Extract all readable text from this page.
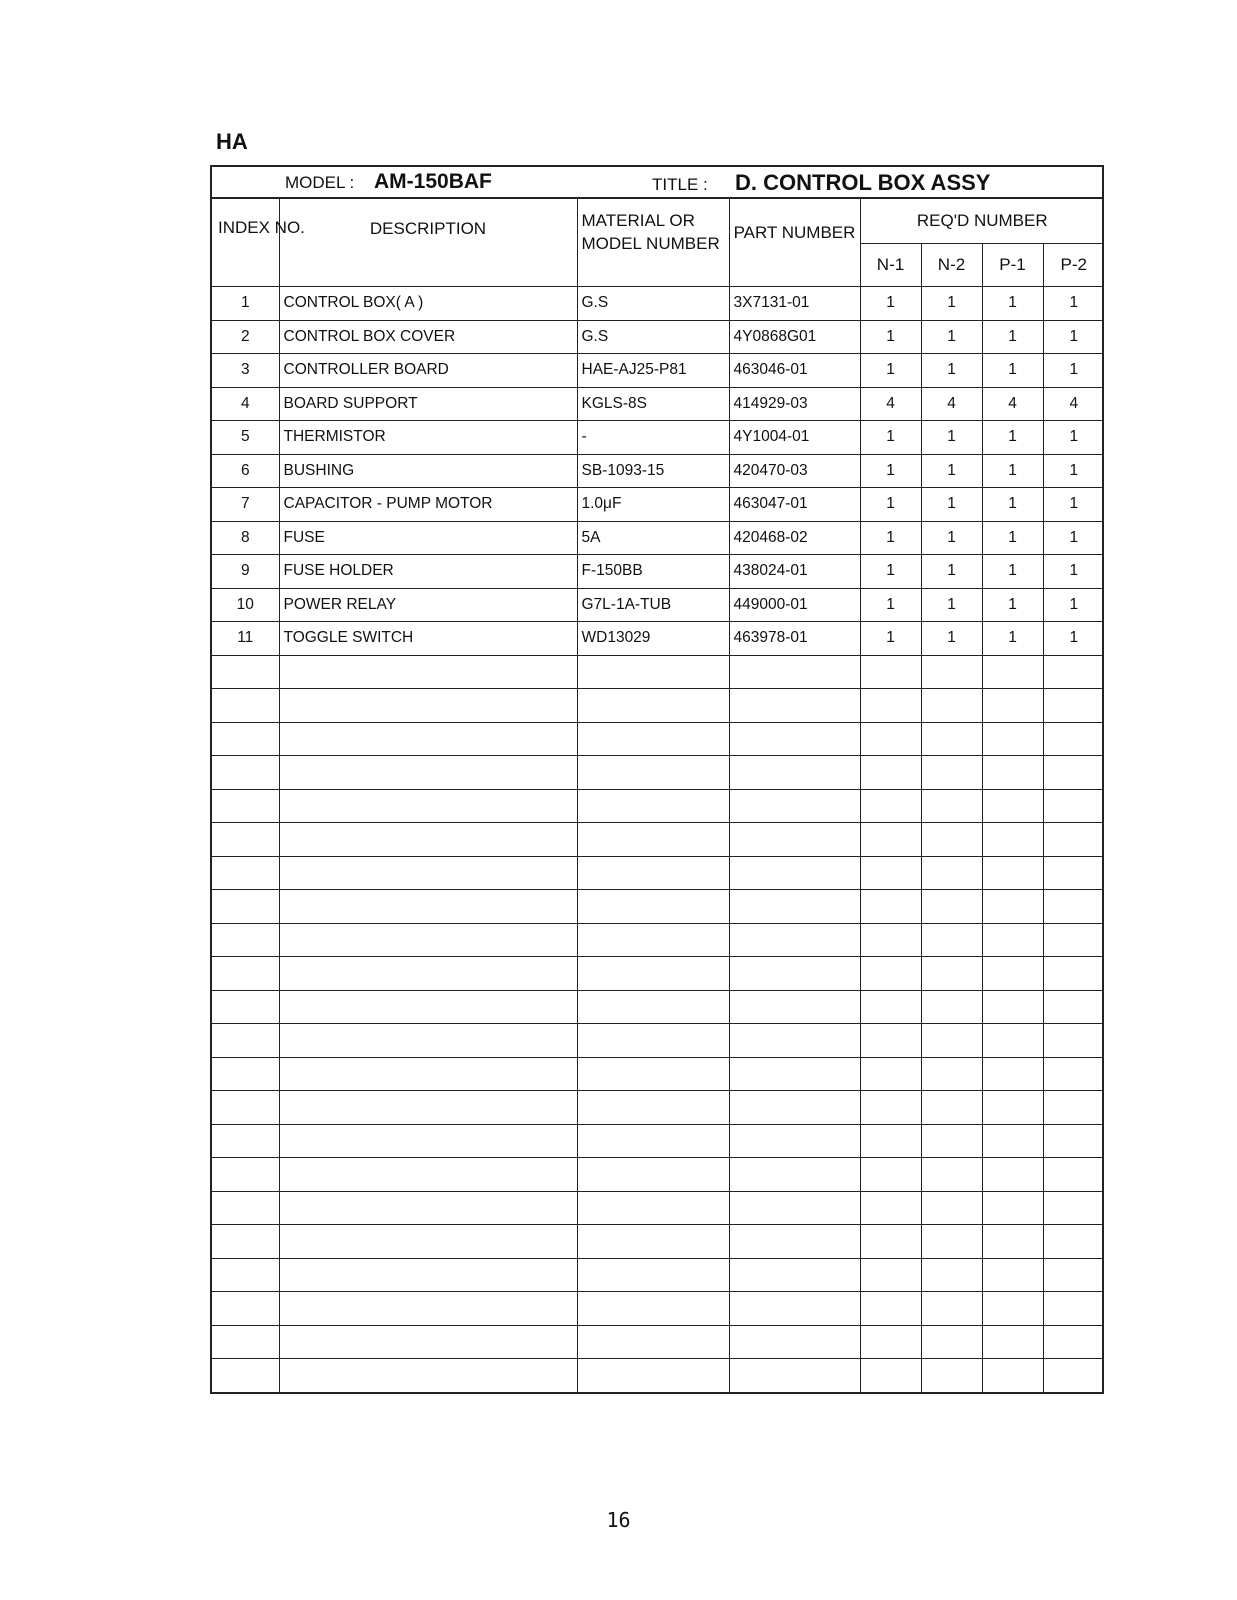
HA
MODEL : AM-150BAF	TITLE : D. CONTROL BOX ASSY
INDEX NO.	DESCRIPTION	MATERIAL OR MODEL NUMBER	PART NUMBER	REQ'D NUMBER			
				N-1	N-2	P-1	P-2
1	CONTROL BOX( A )	G.S	3X7131-01	1	1	1	1
2	CONTROL BOX COVER	G.S	4Y0868G01	1	1	1	1
3	CONTROLLER BOARD	HAE-AJ25-P81	463046-01	1	1	1	1
4	BOARD SUPPORT	KGLS-8S	414929-03	4	4	4	4
5	THERMISTOR	-	4Y1004-01	1	1	1	1
6	BUSHING	SB-1093-15	420470-03	1	1	1	1
7	CAPACITOR - PUMP MOTOR	1.0μF	463047-01	1	1	1	1
8	FUSE	5A	420468-02	1	1	1	1
9	FUSE HOLDER	F-150BB	438024-01	1	1	1	1
10	POWER RELAY	G7L-1A-TUB	449000-01	1	1	1	1
11	TOGGLE SWITCH	WD13029	463978-01	1	1	1	1

16
